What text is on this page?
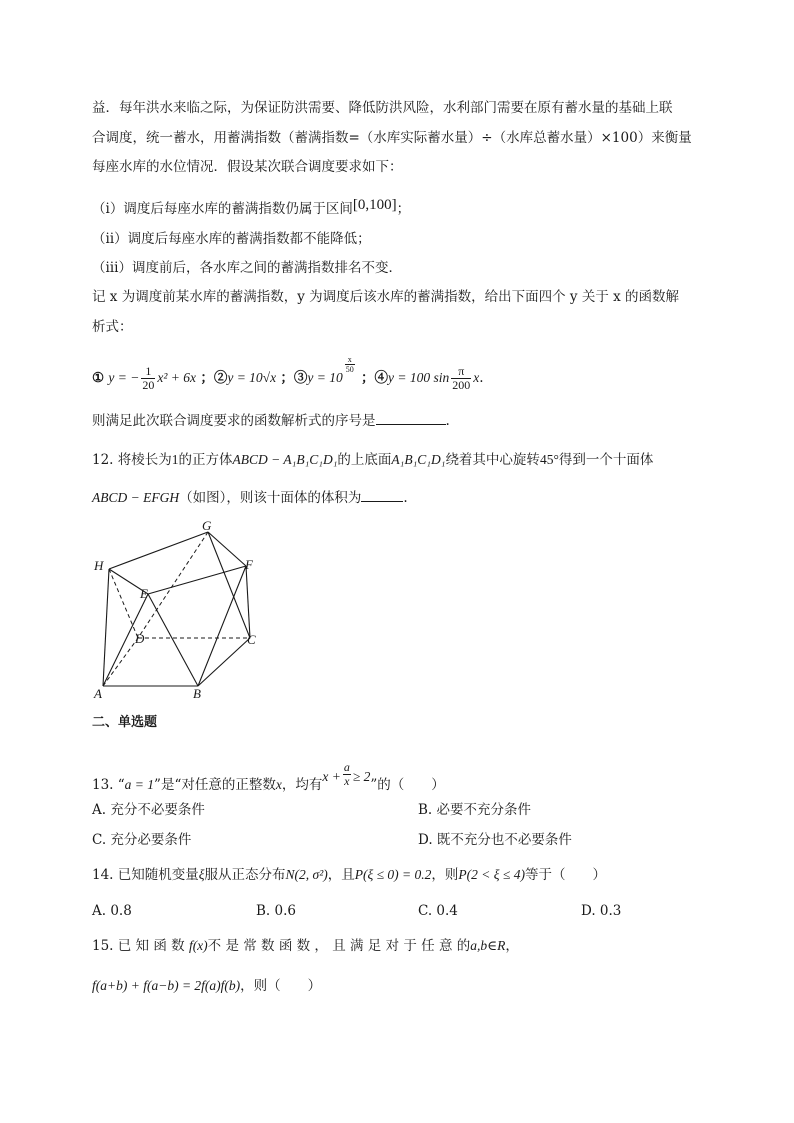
益．每年洪水来临之际，为保证防洪需要、降低防洪风险，水利部门需要在原有蓄水量的基础上联
合调度，统一蓄水，用蓄满指数（蓄满指数=（水库实际蓄水量）÷（水库总蓄水量）×100）来衡量
每座水库的水位情况．假设某次联合调度要求如下：
（ⅰ）调度后每座水库的蓄满指数仍属于区间[0,100]；
（ⅱ）调度后每座水库的蓄满指数都不能降低；
（ⅲ）调度前后，各水库之间的蓄满指数排名不变．
记 x 为调度前某水库的蓄满指数，y 为调度后该水库的蓄满指数，给出下面四个 y 关于 x 的函数解
析式：
① y = − $\frac{1}{20} x^2 + 6x$ ；②y = 10√x ；③y = 10
$\frac{x}{50}$
；④y = 100 $\sin \frac{\pi}{200} x$.
则满足此次联合调度要求的函数解析式的序号是	.
12. 将棱长为1的正方体ABCD − A₁B₁C₁D₁的上底面A₁B₁C₁D₁绕着其中心旋转45°得到一个十面体
ABCD − EFGH（如图），则该十面体的体积为	.
G
H	F
E
D	C
A	B
二、单选题
13. “a = 1”是“对任意的正整数x，均有$x + \frac{a}{x} \ge 2$”的（　　）
A. 充分不必要条件	B. 必要不充分条件
C. 充分必要条件	D. 既不充分也不必要条件
14. 已知随机变量ξ服从正态分布N(2, σ²)，且P(ξ ≤ 0) = 0.2，则P(2 < ξ ≤ 4)等于（　　）
A. 0.8	B. 0.6	C. 0.4	D. 0.3
15. 已 知 函 数 f(x)不 是 常 数 函 数 ， 且 满 足 对 于 任 意 的a,b∈R，
f(a+b) + f(a−b) = 2f(a)f(b)，则（　　）
